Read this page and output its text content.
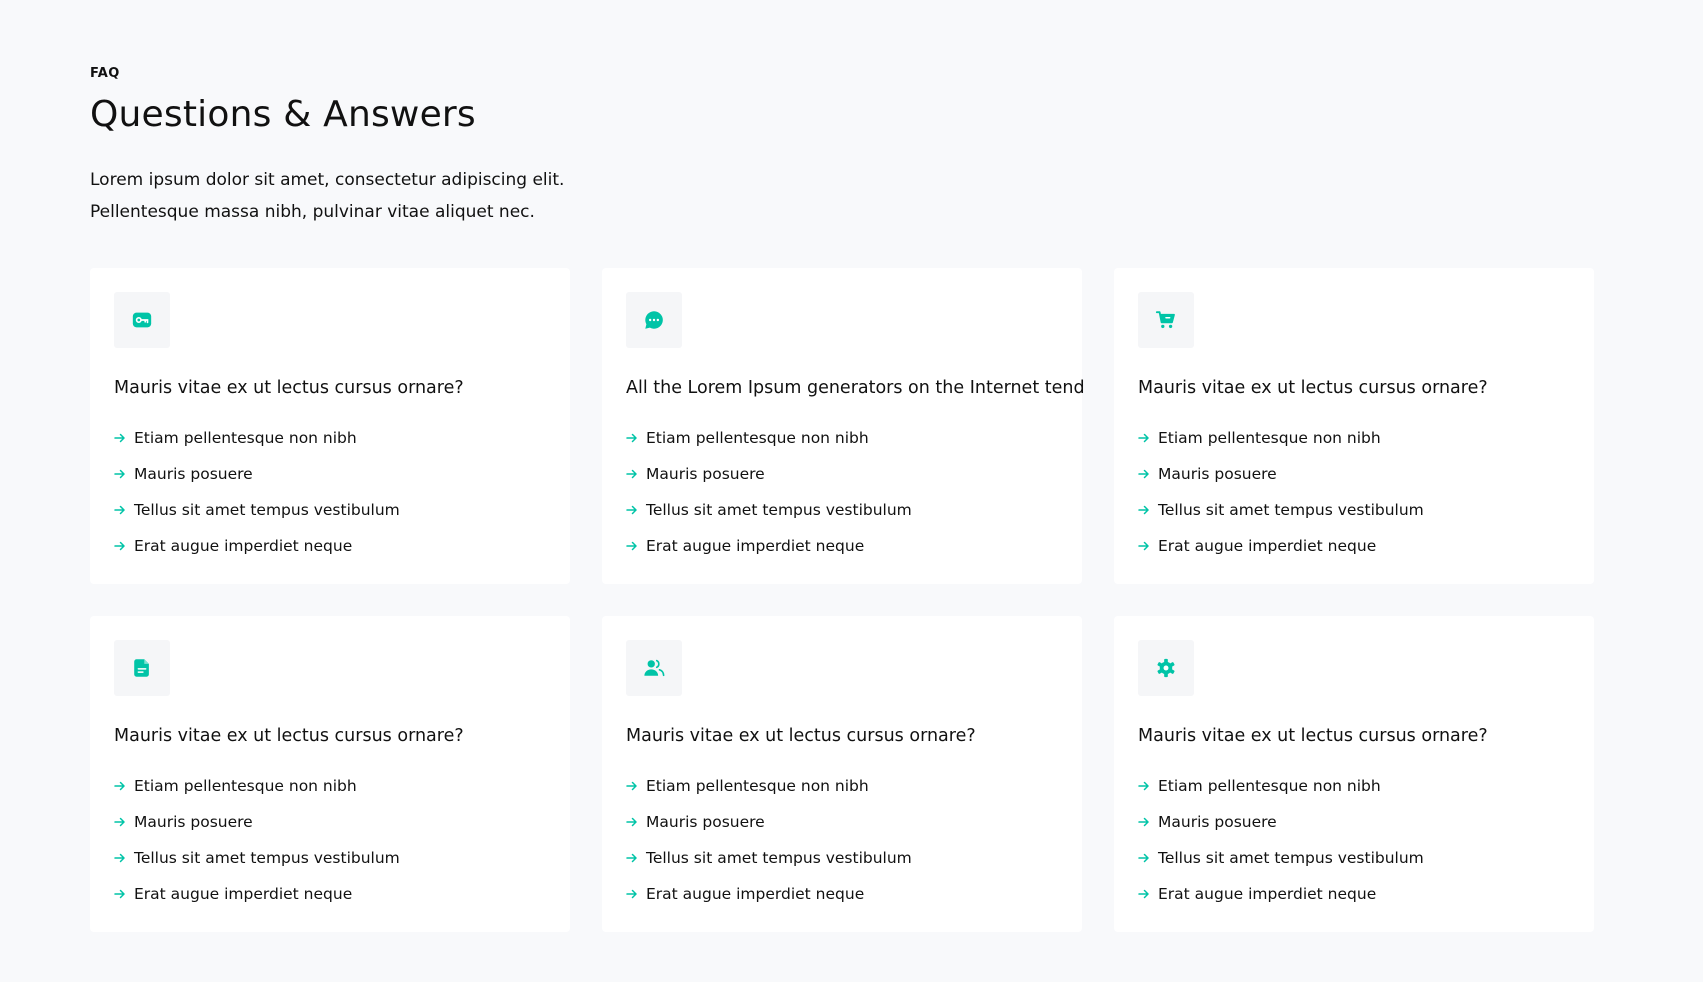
FAQ

Questions & Answers

Lorem ipsum dolor sit amet, consectetur adipiscing elit. Pellentesque massa nibh, pulvinar vitae aliquet nec.

Mauris vitae ex ut lectus cursus ornare?
Etiam pellentesque non nibh
Mauris posuere
Tellus sit amet tempus vestibulum
Erat augue imperdiet neque
All the Lorem Ipsum generators on the Internet tend
Etiam pellentesque non nibh
Mauris posuere
Tellus sit amet tempus vestibulum
Erat augue imperdiet neque
Mauris vitae ex ut lectus cursus ornare?
Etiam pellentesque non nibh
Mauris posuere
Tellus sit amet tempus vestibulum
Erat augue imperdiet neque
Mauris vitae ex ut lectus cursus ornare?
Etiam pellentesque non nibh
Mauris posuere
Tellus sit amet tempus vestibulum
Erat augue imperdiet neque
Mauris vitae ex ut lectus cursus ornare?
Etiam pellentesque non nibh
Mauris posuere
Tellus sit amet tempus vestibulum
Erat augue imperdiet neque
Mauris vitae ex ut lectus cursus ornare?
Etiam pellentesque non nibh
Mauris posuere
Tellus sit amet tempus vestibulum
Erat augue imperdiet neque
